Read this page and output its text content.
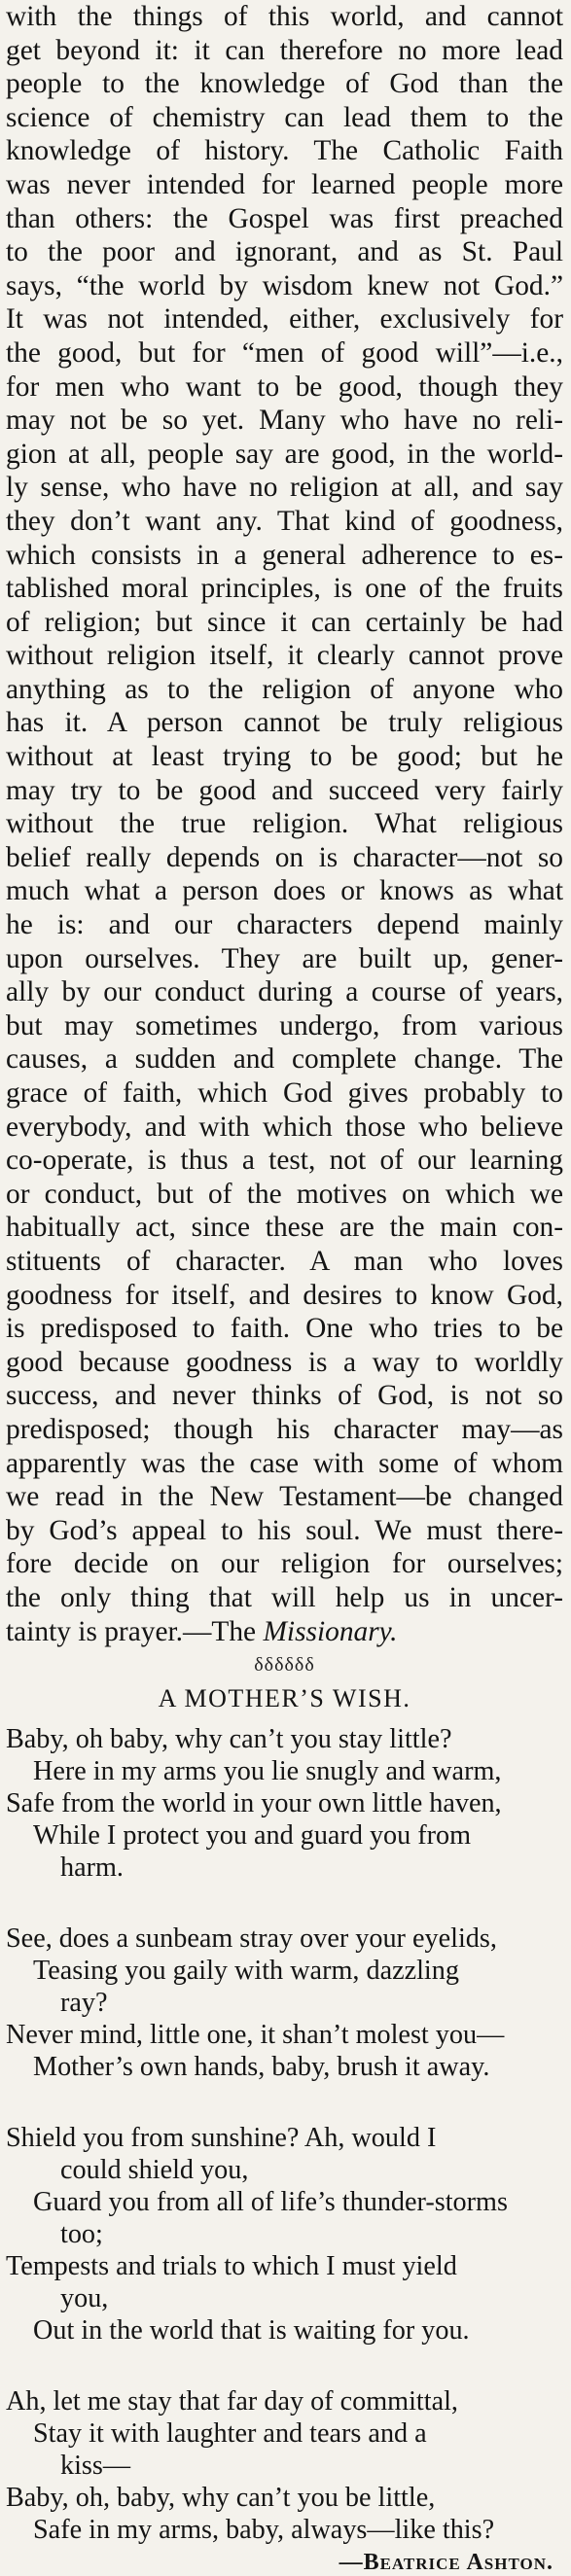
with the things of this world, and cannot
get beyond it: it can therefore no more lead
people to the knowledge of God than the
science of chemistry can lead them to the
knowledge of history. The Catholic Faith
was never intended for learned people more
than others: the Gospel was first preached
to the poor and ignorant, and as St. Paul
says, “the world by wisdom knew not God.”
It was not intended, either, exclusively for
the good, but for “men of good will”—i.e.,
for men who want to be good, though they
may not be so yet. Many who have no reli-
gion at all, people say are good, in the world-
ly sense, who have no religion at all, and say
they don’t want any. That kind of goodness,
which consists in a general adherence to es-
tablished moral principles, is one of the fruits
of religion; but since it can certainly be had
without religion itself, it clearly cannot prove
anything as to the religion of anyone who
has it. A person cannot be truly religious
without at least trying to be good; but he
may try to be good and succeed very fairly
without the true religion. What religious
belief really depends on is character—not so
much what a person does or knows as what
he is: and our characters depend mainly
upon ourselves. They are built up, gener-
ally by our conduct during a course of years,
but may sometimes undergo, from various
causes, a sudden and complete change. The
grace of faith, which God gives probably to
everybody, and with which those who believe
co-operate, is thus a test, not of our learning
or conduct, but of the motives on which we
habitually act, since these are the main con-
stituents of character. A man who loves
goodness for itself, and desires to know God,
is predisposed to faith. One who tries to be
good because goodness is a way to worldly
success, and never thinks of God, is not so
predisposed; though his character may—as
apparently was the case with some of whom
we read in the New Testament—be changed
by God’s appeal to his soul. We must there-
fore decide on our religion for ourselves;
the only thing that will help us in uncer-
tainty is prayer.—The Missionary.
δδδδδδ
A MOTHER’S WISH.
Baby, oh baby, why can’t you stay little?
Here in my arms you lie snugly and warm,
Safe from the world in your own little haven,
While I protect you and guard you from
harm.
See, does a sunbeam stray over your eyelids,
Teasing you gaily with warm, dazzling
ray?
Never mind, little one, it shan’t molest you—
Mother’s own hands, baby, brush it away.
Shield you from sunshine? Ah, would I
could shield you,
Guard you from all of life’s thunder-storms
too;
Tempests and trials to which I must yield
you,
Out in the world that is waiting for you.
Ah, let me stay that far day of committal,
Stay it with laughter and tears and a
kiss—
Baby, oh, baby, why can’t you be little,
Safe in my arms, baby, always—like this?
—Beatrice Ashton.
